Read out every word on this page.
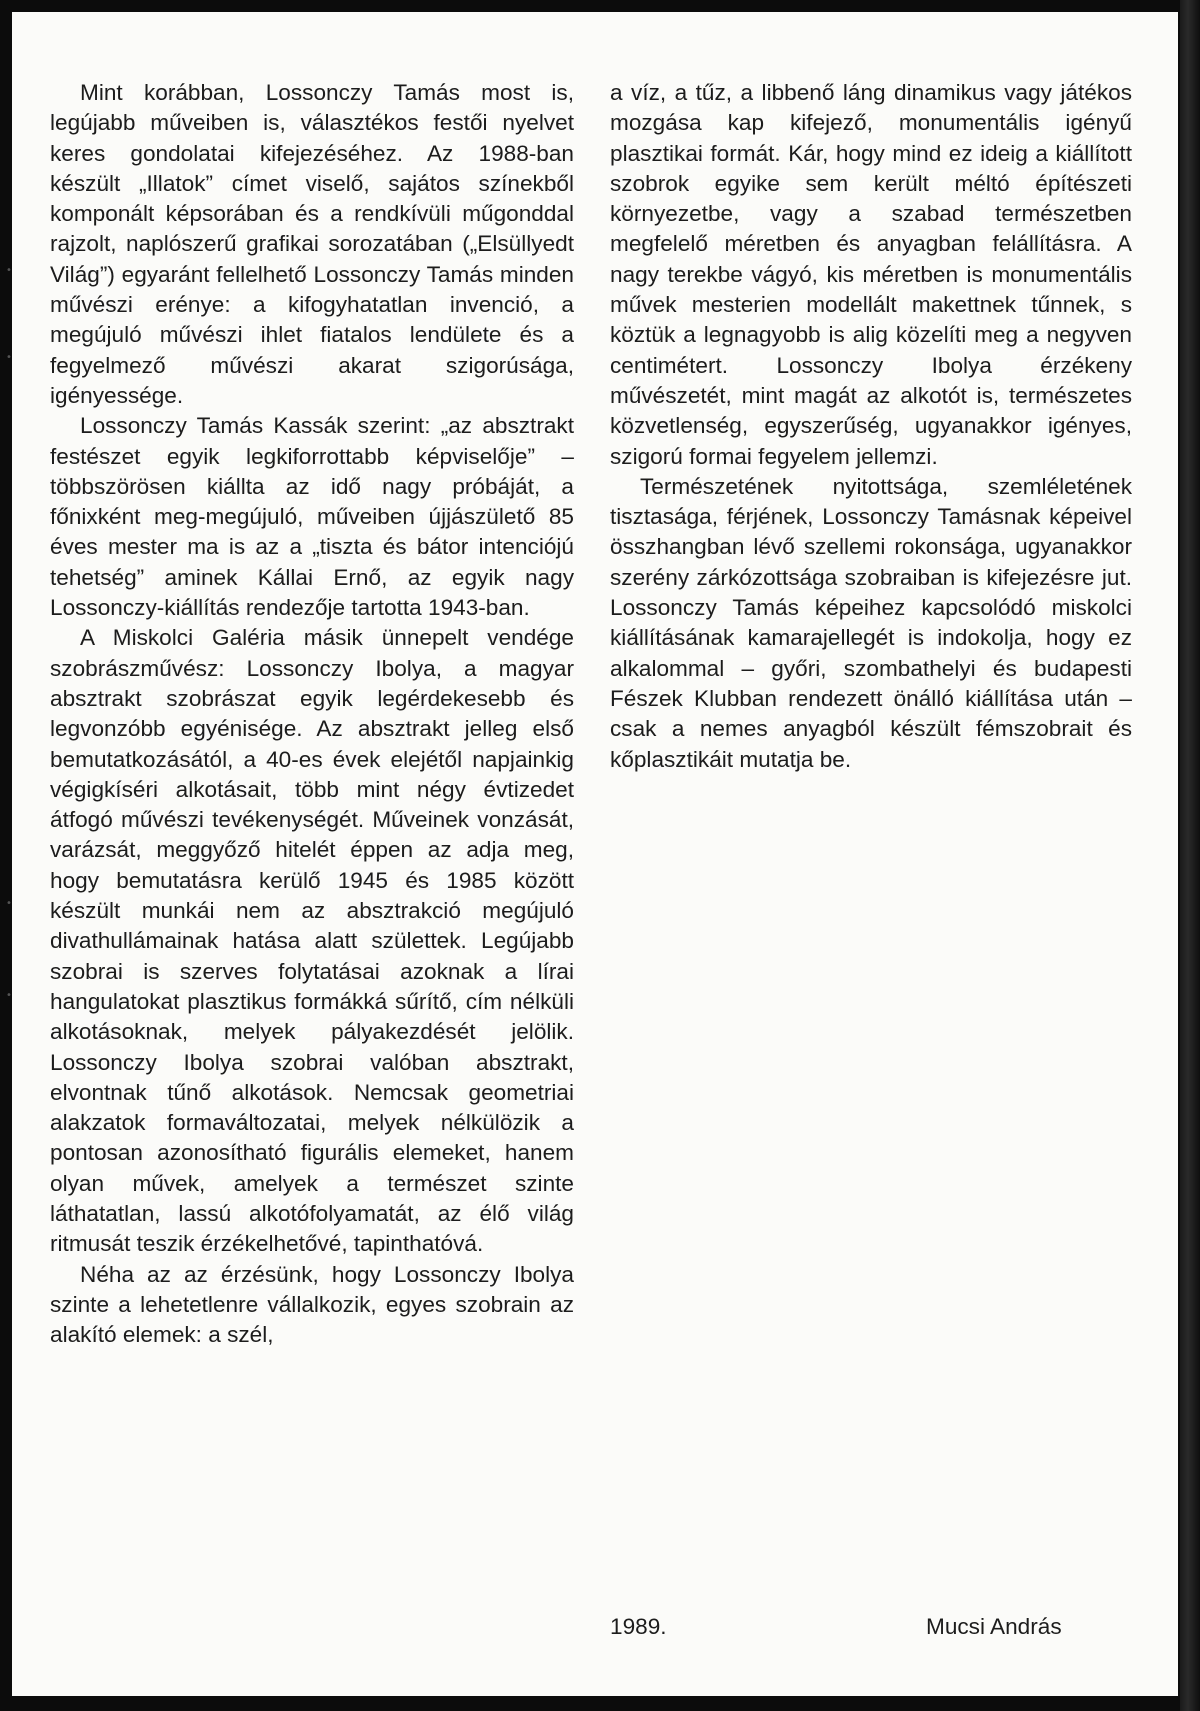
Mint korábban, Lossonczy Tamás most is, legújabb műveiben is, választékos festői nyelvet keres gondolatai kifejezéséhez. Az 1988-ban készült „Illatok” címet viselő, sajátos színekből komponált képsorában és a rendkívüli műgonddal rajzolt, naplószerű grafikai sorozatában („Elsüllyedt Világ”) egyaránt fellelhető Lossonczy Tamás minden művészi erénye: a kifogyhatatlan invenció, a megújuló művészi ihlet fiatalos lendülete és a fegyelmező művészi akarat szigorúsága, igényessége.

Lossonczy Tamás Kassák szerint: „az absztrakt festészet egyik legkiforrottabb képviselője” – többszörösen kiállta az idő nagy próbáját, a főnixként meg-megújuló, műveiben újjászülető 85 éves mester ma is az a „tiszta és bátor intenciójú tehetség” aminek Kállai Ernő, az egyik nagy Lossonczy-kiállítás rendezője tartotta 1943-ban.

A Miskolci Galéria másik ünnepelt vendége szobrászművész: Lossonczy Ibolya, a magyar absztrakt szobrászat egyik legérdekesebb és legvonzóbb egyénisége. Az absztrakt jelleg első bemutatkozásától, a 40-es évek elejétől napjainkig végigkíséri alkotásait, több mint négy évtizedet átfogó művészi tevékenységét. Műveinek vonzását, varázsát, meggyőző hitelét éppen az adja meg, hogy bemutatásra kerülő 1945 és 1985 között készült munkái nem az absztrakció megújuló divathullámainak hatása alatt születtek. Legújabb szobrai is szerves folytatásai azoknak a lírai hangulatokat plasztikus formákká sűrítő, cím nélküli alkotásoknak, melyek pályakezdését jelölik. Lossonczy Ibolya szobrai valóban absztrakt, elvontnak tűnő alkotások. Nemcsak geometriai alakzatok formaváltozatai, melyek nélkülözik a pontosan azonosítható figurális elemeket, hanem olyan művek, amelyek a természet szinte láthatatlan, lassú alkotófolyamatát, az élő világ ritmusát teszik érzékelhetővé, tapinthatóvá.

Néha az az érzésünk, hogy Lossonczy Ibolya szinte a lehetetlenre vállalkozik, egyes szobrain az alakító elemek: a szél,

a víz, a tűz, a libbenő láng dinamikus vagy játékos mozgása kap kifejező, monumentális igényű plasztikai formát. Kár, hogy mind ez ideig a kiállított szobrok egyike sem került méltó építészeti környezetbe, vagy a szabad természetben megfelelő méretben és anyagban felállításra. A nagy terekbe vágyó, kis méretben is monumentális művek mesterien modellált makettnek tűnnek, s köztük a legnagyobb is alig közelíti meg a negyven centimétert. Lossonczy Ibolya érzékeny művészetét, mint magát az alkotót is, természetes közvetlenség, egyszerűség, ugyanakkor igényes, szigorú formai fegyelem jellemzi.

Természetének nyitottsága, szemléletének tisztasága, férjének, Lossonczy Tamásnak képeivel összhangban lévő szellemi rokonsága, ugyanakkor szerény zárkózottsága szobraiban is kifejezésre jut. Lossonczy Tamás képeihez kapcsolódó miskolci kiállításának kamarajellegét is indokolja, hogy ez alkalommal – győri, szombathelyi és budapesti Fészek Klubban rendezett önálló kiállítása után – csak a nemes anyagból készült fémszobrait és kőplasztikáit mutatja be.

1989.	Mucsi András
•
•
•
•
